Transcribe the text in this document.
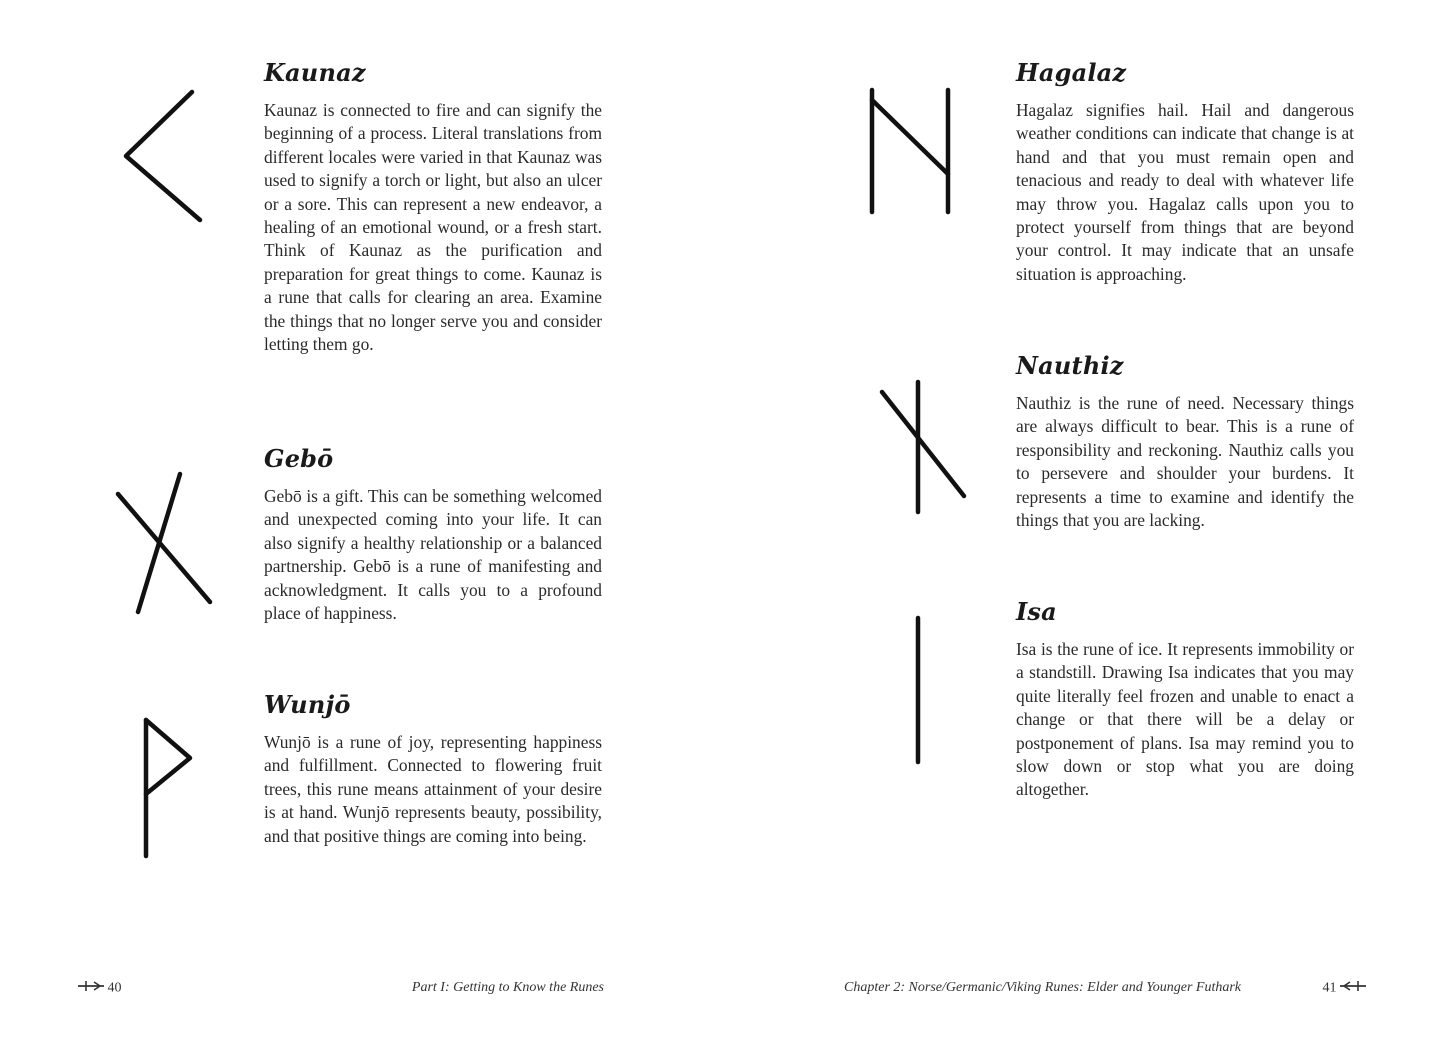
Kaunaz

Kaunaz is connected to fire and can signify the beginning of a process. Literal translations from different locales were varied in that Kaunaz was used to signify a torch or light, but also an ulcer or a sore. This can represent a new endeavor, a healing of an emotional wound, or a fresh start. Think of Kaunaz as the purification and preparation for great things to come. Kaunaz is a rune that calls for clearing an area. Examine the things that no longer serve you and consider letting them go.

Gebō

Gebō is a gift. This can be something welcomed and unexpected coming into your life. It can also signify a healthy relationship or a balanced partnership. Gebō is a rune of manifesting and acknowledgment. It calls you to a profound place of happiness.

Wunjō

Wunjō is a rune of joy, representing happiness and fulfillment. Connected to flowering fruit trees, this rune means attainment of your desire is at hand. Wunjō represents beauty, possibility, and that positive things are coming into being.

40	Part I: Getting to Know the Runes
Hagalaz

Hagalaz signifies hail. Hail and dangerous weather conditions can indicate that change is at hand and that you must remain open and tenacious and ready to deal with whatever life may throw you. Hagalaz calls upon you to protect yourself from things that are beyond your control. It may indicate that an unsafe situation is approaching.

Nauthiz

Nauthiz is the rune of need. Necessary things are always difficult to bear. This is a rune of responsibility and reckoning. Nauthiz calls you to persevere and shoulder your burdens. It represents a time to examine and identify the things that you are lacking.

Isa

Isa is the rune of ice. It represents immobility or a standstill. Drawing Isa indicates that you may quite literally feel frozen and unable to enact a change or that there will be a delay or postponement of plans. Isa may remind you to slow down or stop what you are doing altogether.

Chapter 2: Norse/Germanic/Viking Runes: Elder and Younger Futhark	41
